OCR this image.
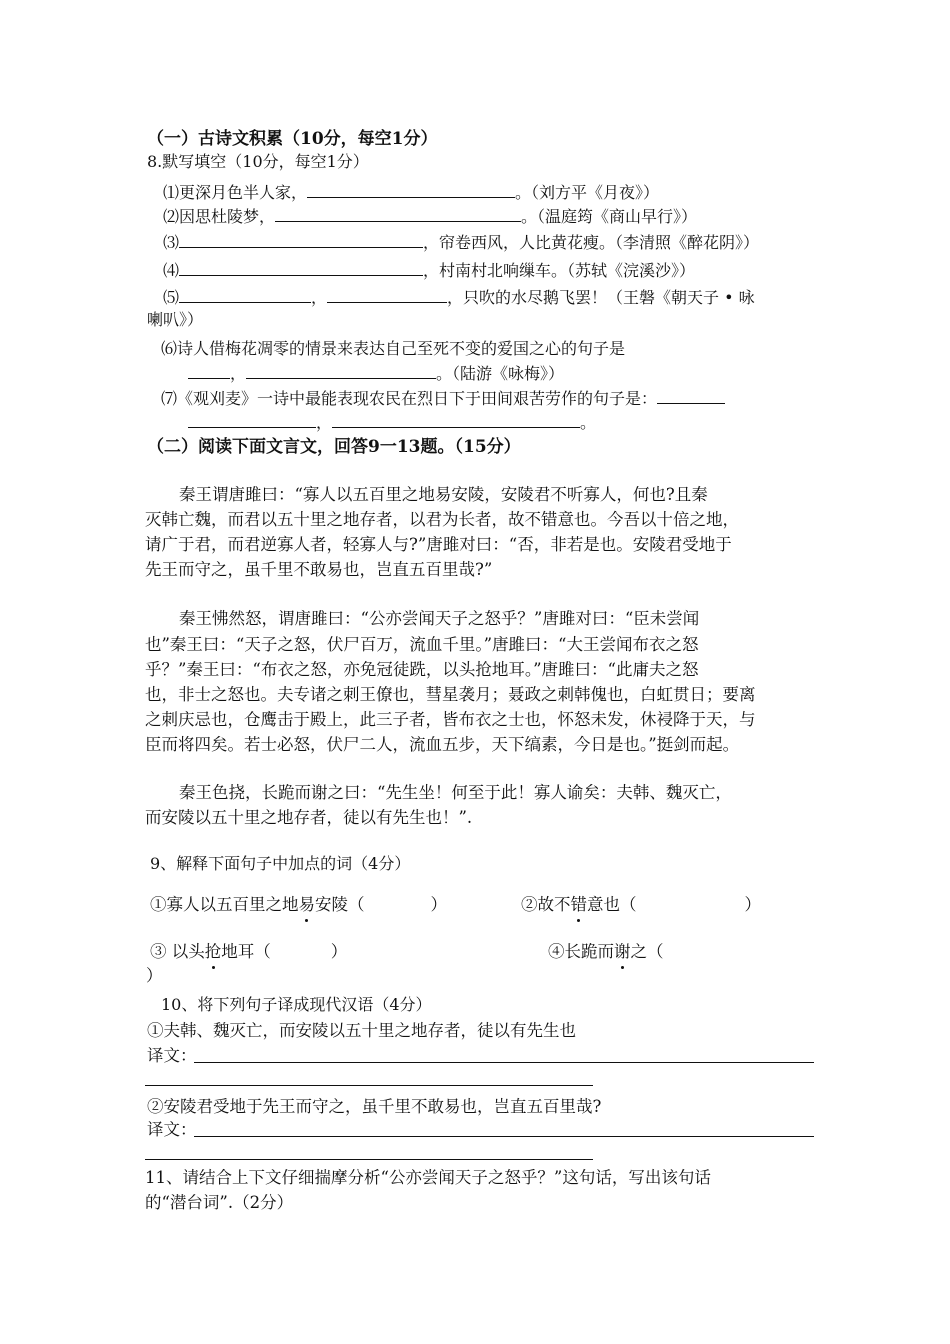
（一）古诗文积累（10分，每空1分）
8.默写填空（10分，每空1分）
⑴更深月色半人家，	。（刘方平《月夜》）
⑵因思杜陵梦，	。（温庭筠《商山早行》）
⑶	，帘卷西风，人比黄花瘦。（李清照《醉花阴》）
⑷	，村南村北响缫车。（苏轼《浣溪沙》）
⑸	，	，只吹的水尽鹅飞罢！（王磐《朝天子 • 咏
喇叭》）
⑹诗人借梅花凋零的情景来表达自己至死不变的爱国之心的句子是
，	。（陆游《咏梅》）
⑺《观刈麦》一诗中最能表现农民在烈日下于田间艰苦劳作的句子是：
，	。
（二）阅读下面文言文，回答9一13题。（15分）
秦王谓唐雎曰：“寡人以五百里之地易安陵，安陵君不听寡人，何也?且秦
灭韩亡魏，而君以五十里之地存者，以君为长者，故不错意也。今吾以十倍之地，
请广于君，而君逆寡人者，轻寡人与?”唐雎对曰：“否，非若是也。安陵君受地于
先王而守之，虽千里不敢易也，岂直五百里哉?”
秦王怫然怒，谓唐雎曰：“公亦尝闻天子之怒乎？”唐雎对曰：“臣未尝闻
也”秦王曰：“天子之怒，伏尸百万，流血千里。”唐雎曰：“大王尝闻布衣之怒
乎？”秦王曰：“布衣之怒，亦免冠徒跣，以头抢地耳。”唐雎曰：“此庸夫之怒
也，非士之怒也。夫专诸之刺王僚也，彗星袭月；聂政之刺韩傀也，白虹贯日；要离
之刺庆忌也，仓鹰击于殿上，此三子者，皆布衣之士也，怀怒未发，休祲降于天，与
臣而将四矣。若士必怒，伏尸二人，流血五步，天下缟素，今日是也。”挺剑而起。
秦王色挠，长跪而谢之曰：“先生坐！何至于此！寡人谕矣：夫韩、魏灭亡，
而安陵以五十里之地存者，徒以有先生也！”.
9、解释下面句子中加点的词（4分）
①寡人以五百里之地易安陵（	）	②故不错意也（	）
③ 以头抢地耳（	）	④长跪而谢之（
）
10、将下列句子译成现代汉语（4分）
①夫韩、魏灭亡，而安陵以五十里之地存者，徒以有先生也
译文：
②安陵君受地于先王而守之，虽千里不敢易也，岂直五百里哉?
译文：
11、请结合上下文仔细揣摩分析“公亦尝闻天子之怒乎？”这句话，写出该句话
的“潜台词”.（2分）
